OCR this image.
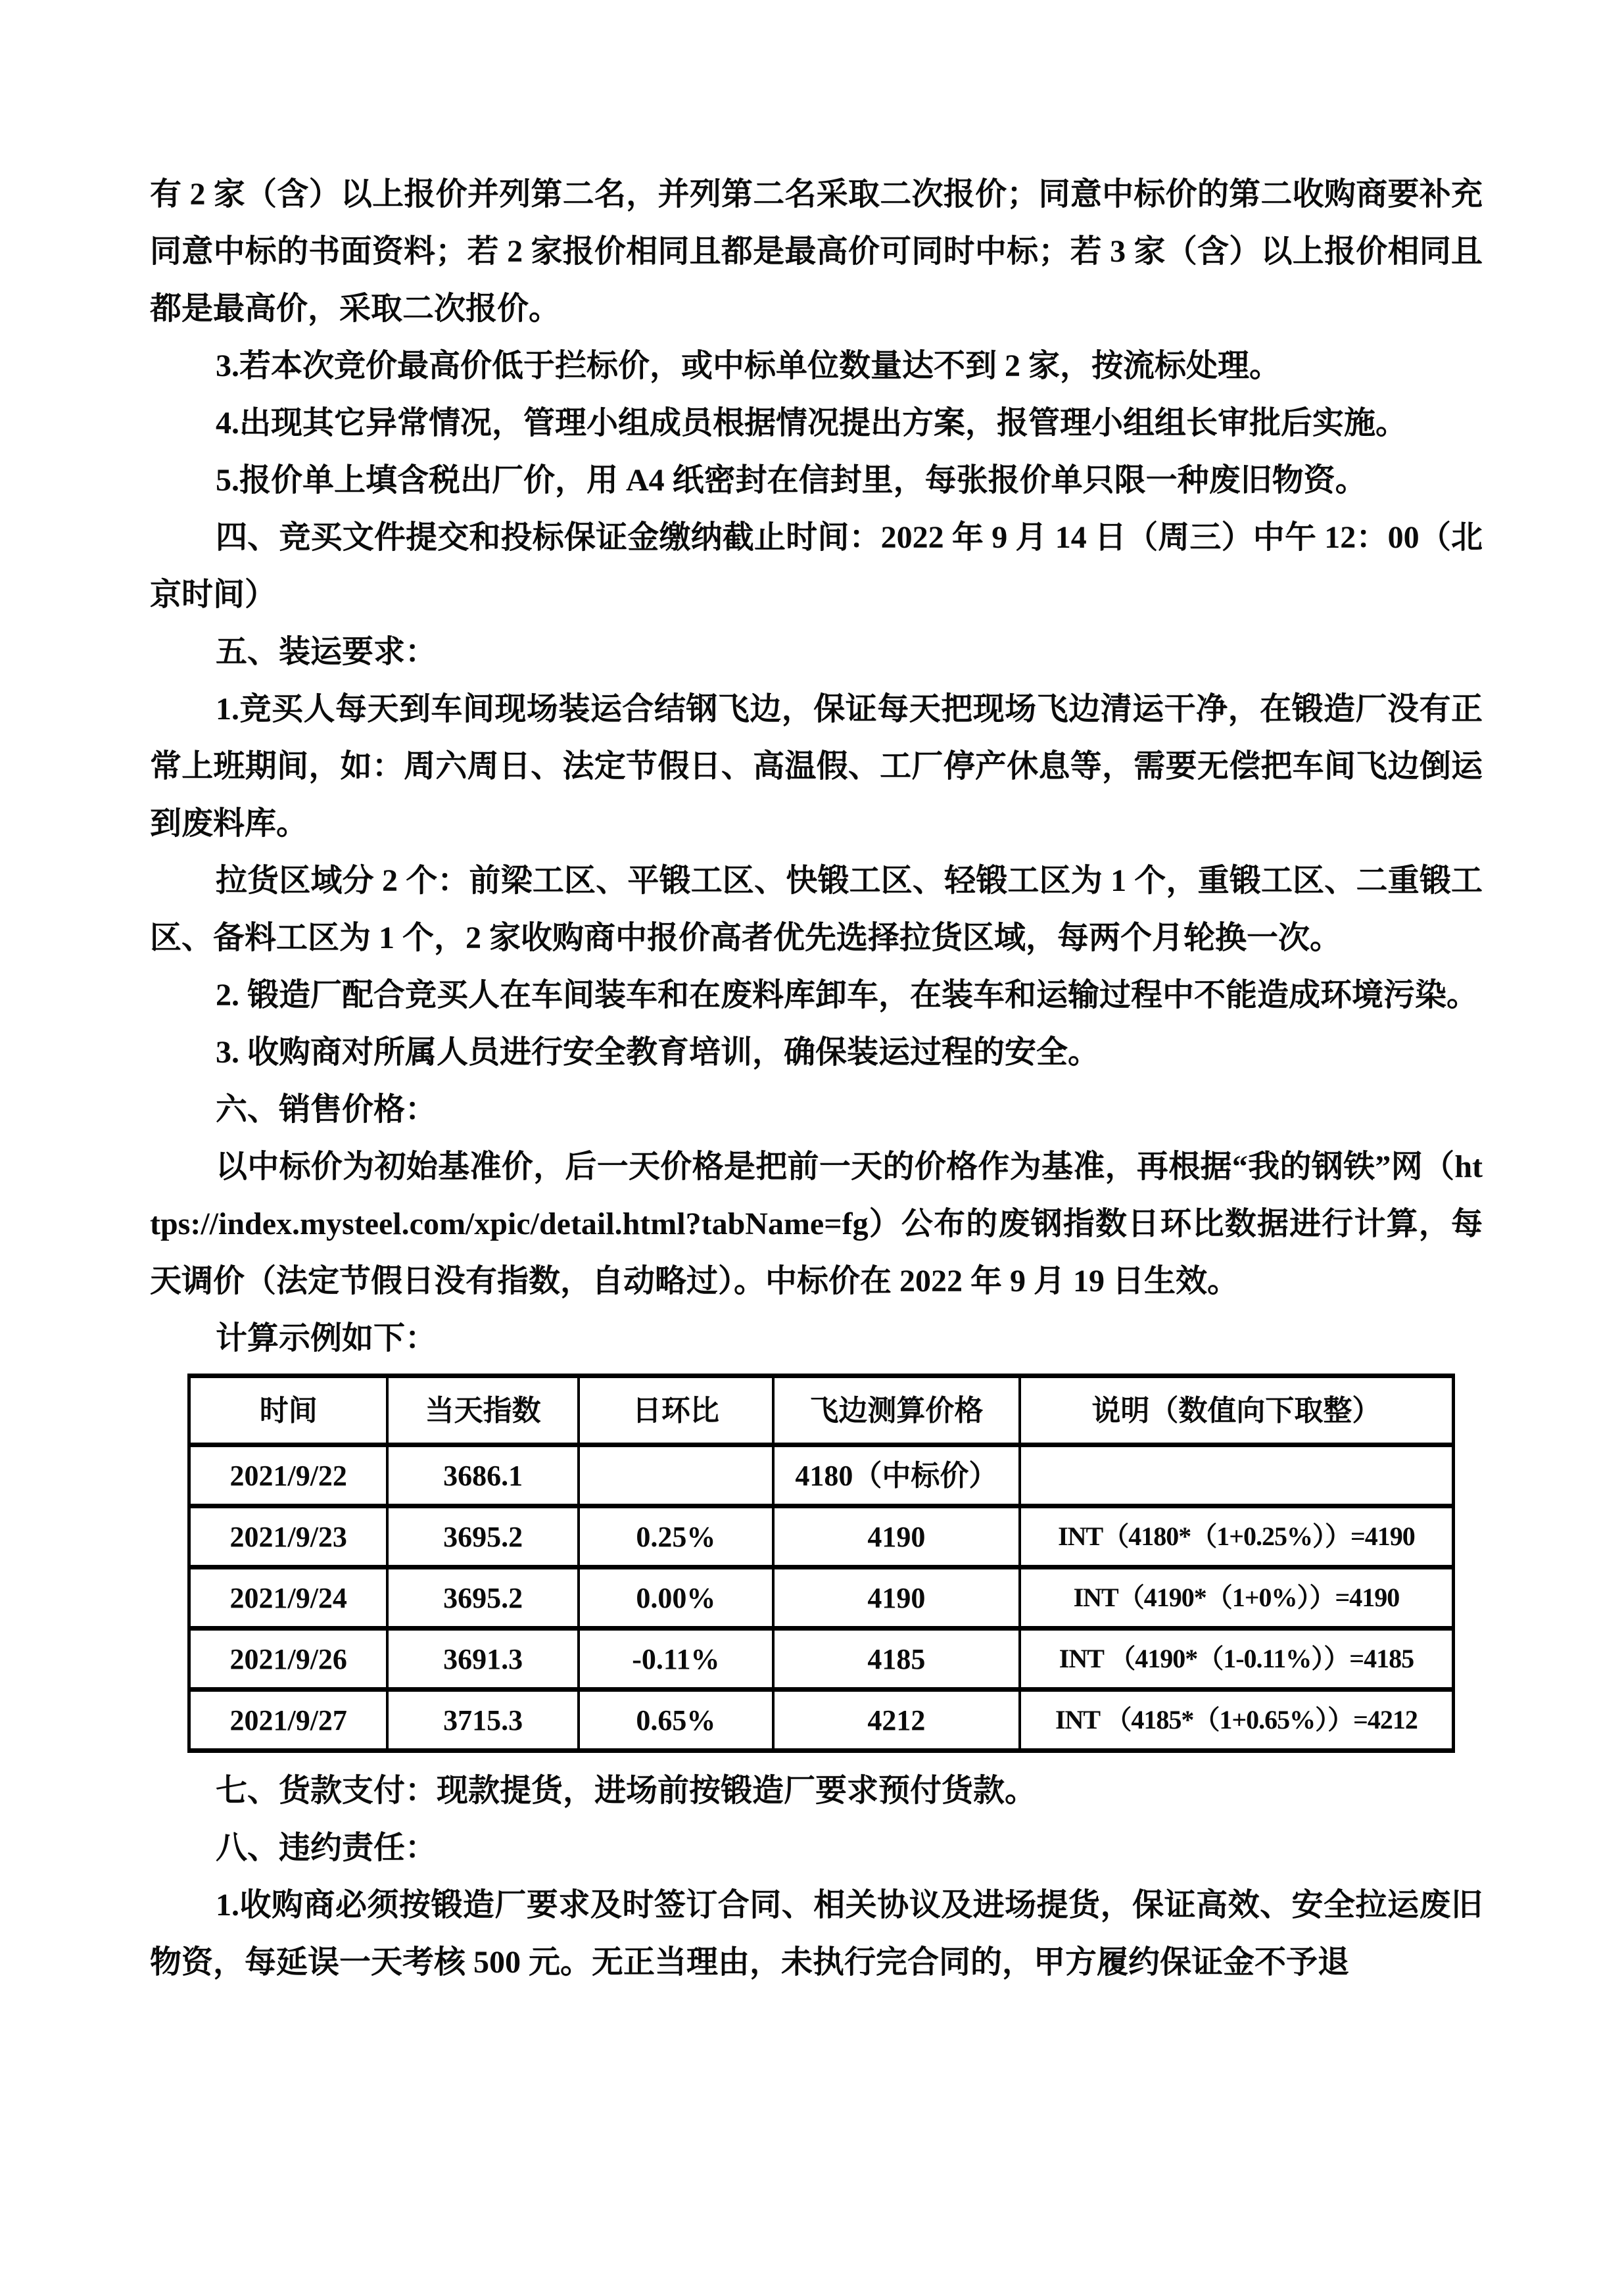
有 2 家（含）以上报价并列第二名，并列第二名采取二次报价；同意中标价的第二收购商要补充同意中标的书面资料；若 2 家报价相同且都是最高价可同时中标；若 3 家（含）以上报价相同且都是最高价，采取二次报价。

3.若本次竞价最高价低于拦标价，或中标单位数量达不到 2 家，按流标处理。

4.出现其它异常情况，管理小组成员根据情况提出方案，报管理小组组长审批后实施。

5.报价单上填含税出厂价，用 A4 纸密封在信封里，每张报价单只限一种废旧物资。

四、竞买文件提交和投标保证金缴纳截止时间：2022 年 9 月 14 日（周三）中午 12：00（北京时间）

五、装运要求：

1.竞买人每天到车间现场装运合结钢飞边，保证每天把现场飞边清运干净，在锻造厂没有正常上班期间，如：周六周日、法定节假日、高温假、工厂停产休息等，需要无偿把车间飞边倒运到废料库。

拉货区域分 2 个：前梁工区、平锻工区、快锻工区、轻锻工区为 1 个，重锻工区、二重锻工区、备料工区为 1 个，2 家收购商中报价高者优先选择拉货区域，每两个月轮换一次。

2. 锻造厂配合竞买人在车间装车和在废料库卸车，在装车和运输过程中不能造成环境污染。

3. 收购商对所属人员进行安全教育培训，确保装运过程的安全。

六、销售价格：

以中标价为初始基准价，后一天价格是把前一天的价格作为基准，再根据“我的钢铁”网（https://index.mysteel.com/xpic/detail.html?tabName=fg）公布的废钢指数日环比数据进行计算，每天调价（法定节假日没有指数，自动略过）。中标价在 2022 年 9 月 19 日生效。

计算示例如下：

时间	当天指数	日环比	飞边测算价格	说明（数值向下取整）
2021/9/22	3686.1		4180（中标价）	
2021/9/23	3695.2	0.25%	4190	INT（4180*（1+0.25%））=4190
2021/9/24	3695.2	0.00%	4190	INT（4190*（1+0%））=4190
2021/9/26	3691.3	-0.11%	4185	INT （4190*（1-0.11%））=4185
2021/9/27	3715.3	0.65%	4212	INT （4185*（1+0.65%））=4212

七、货款支付：现款提货，进场前按锻造厂要求预付货款。

八、违约责任：

1.收购商必须按锻造厂要求及时签订合同、相关协议及进场提货，保证高效、安全拉运废旧物资，每延误一天考核 500 元。无正当理由，未执行完合同的，甲方履约保证金不予退
